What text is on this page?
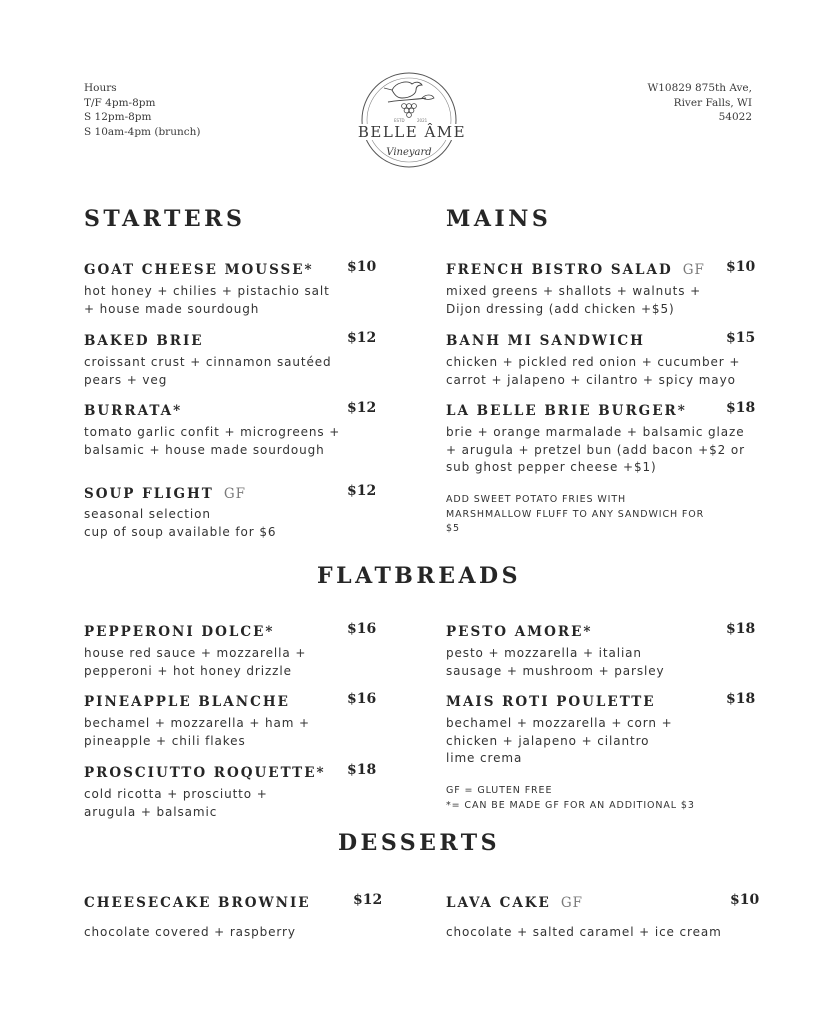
Hours
T/F 4pm-8pm
S 12pm-8pm
S 10am-4pm (brunch)
ESTD	2021
BELLE ÂME
Vineyard
W10829 875th Ave,
River Falls, WI
54022
STARTERS
GOAT CHEESE MOUSSE* $10
hot honey + chilies + pistachio salt
+ house made sourdough
BAKED BRIE	$12
croissant crust + cinnamon sautéed
pears + veg
BURRATA*	$12
tomato garlic confit + microgreens +
balsamic + house made sourdough
SOUP FLIGHT GF	$12
seasonal selection
cup of soup available for $6
MAINS
FRENCH BISTRO SALAD GF $10
mixed greens + shallots + walnuts +
Dijon dressing (add chicken +$5)
BANH MI SANDWICH	$15
chicken + pickled red onion + cucumber +
carrot + jalapeno + cilantro + spicy mayo
LA BELLE BRIE BURGER*	$18
brie + orange marmalade + balsamic glaze
+ arugula + pretzel bun (add bacon +$2 or
sub ghost pepper cheese +$1)
ADD SWEET POTATO FRIES WITH
MARSHMALLOW FLUFF TO ANY SANDWICH FOR
$5
FLATBREADS
PEPPERONI DOLCE*	$16
house red sauce + mozzarella +
pepperoni + hot honey drizzle
PINEAPPLE BLANCHE	$16
bechamel + mozzarella + ham +
pineapple + chili flakes
PROSCIUTTO ROQUETTE* $18
cold ricotta + prosciutto +
arugula + balsamic
PESTO AMORE*	$18
pesto + mozzarella + italian
sausage + mushroom + parsley
MAIS ROTI POULETTE	$18
bechamel + mozzarella + corn +
chicken + jalapeno + cilantro
lime crema
GF = GLUTEN FREE
*= CAN BE MADE GF FOR AN ADDITIONAL $3
DESSERTS
CHEESECAKE BROWNIE	$12
chocolate covered + raspberry
LAVA CAKE GF	$10
chocolate + salted caramel + ice cream
